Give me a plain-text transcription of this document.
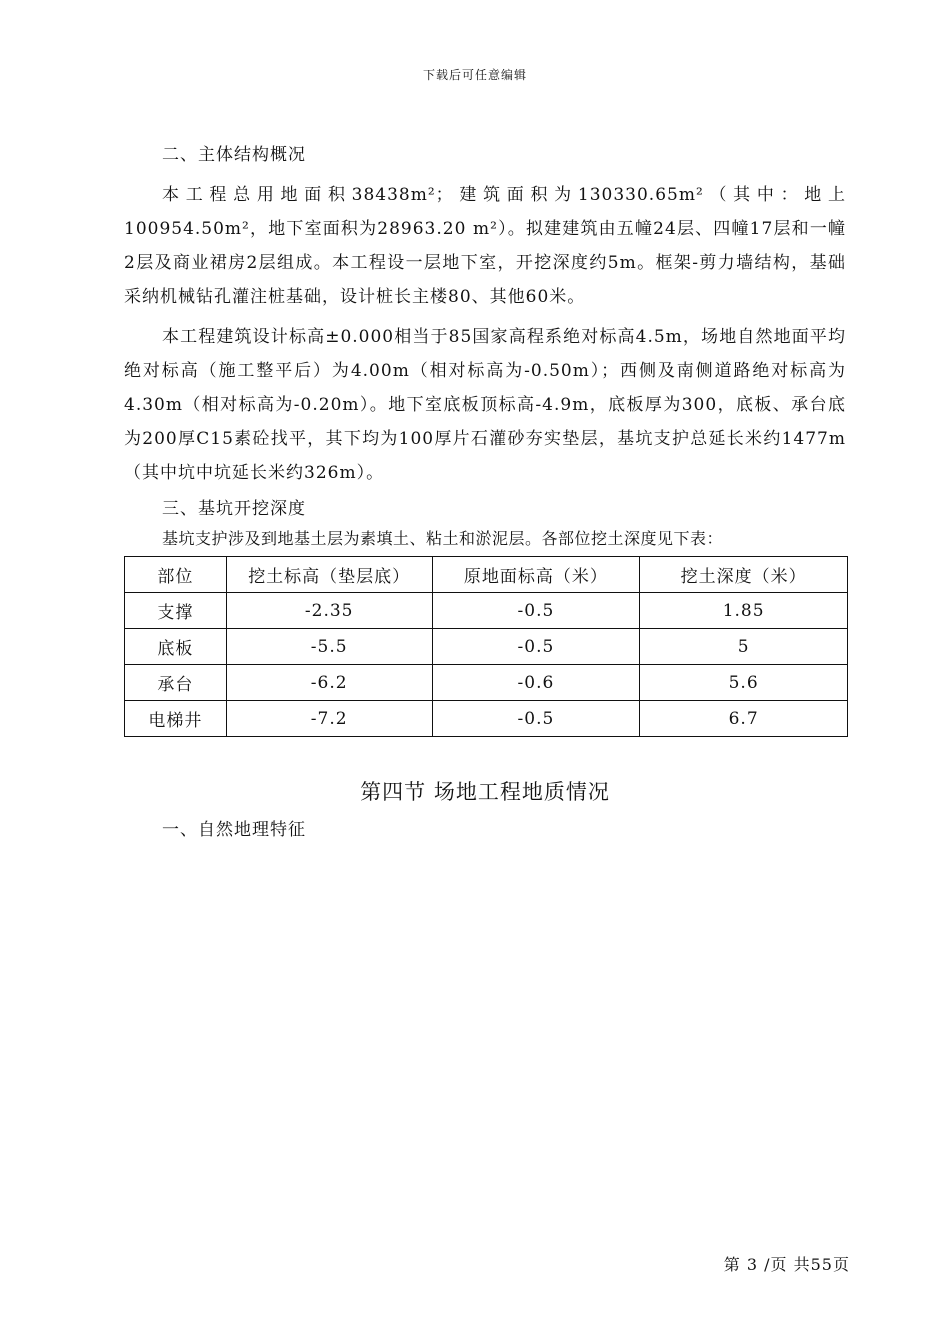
下载后可任意编辑

二、主体结构概况

本工程总用地面积38438m²；建筑面积为130330.65m²（其中：地上100954.50m²，地下室面积为28963.20 m²）。拟建建筑由五幢24层、四幢17层和一幢2层及商业裙房2层组成。本工程设一层地下室，开挖深度约5m。框架-剪力墙结构，基础采纳机械钻孔灌注桩基础，设计桩长主楼80、其他60米。

本工程建筑设计标高±0.000相当于85国家高程系绝对标高4.5m，场地自然地面平均绝对标高（施工整平后）为4.00m（相对标高为-0.50m）；西侧及南侧道路绝对标高为4.30m（相对标高为-0.20m）。地下室底板顶标高-4.9m，底板厚为300，底板、承台底为200厚C15素砼找平，其下均为100厚片石灌砂夯实垫层，基坑支护总延长米约1477m（其中坑中坑延长米约326m）。

三、基坑开挖深度

基坑支护涉及到地基土层为素填土、粘土和淤泥层。各部位挖土深度见下表：

部位	挖土标高（垫层底）	原地面标高（米）	挖土深度（米）
支撑	-2.35	-0.5	1.85
底板	-5.5	-0.5	5
承台	-6.2	-0.6	5.6
电梯井	-7.2	-0.5	6.7

第四节 场地工程地质情况

一、自然地理特征

第 3 /页 共55页
